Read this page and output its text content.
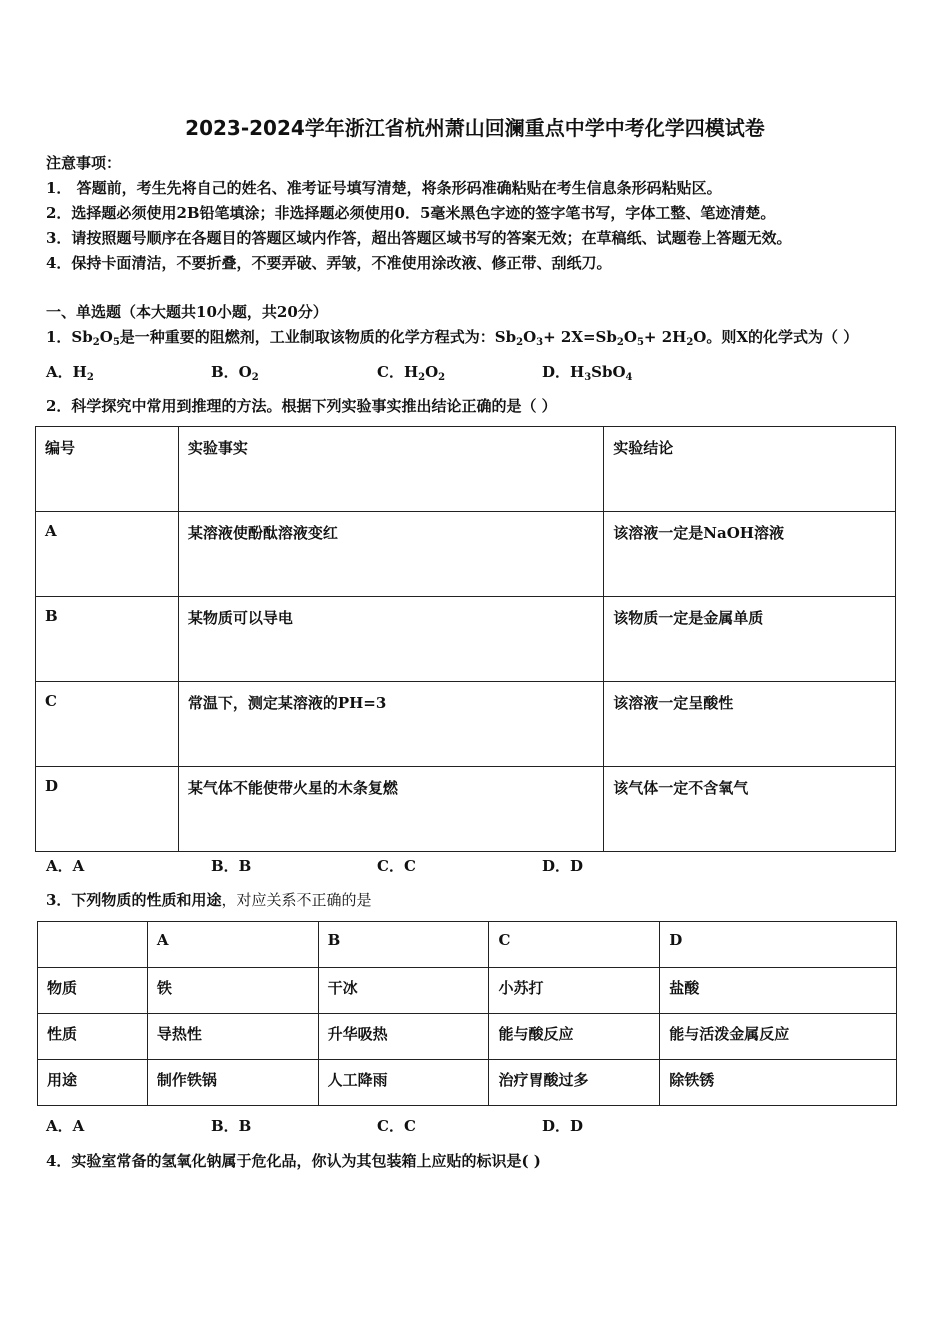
2023-2024学年浙江省杭州萧山回澜重点中学中考化学四模试卷
注意事项：
1． 答题前，考生先将自己的姓名、准考证号填写清楚，将条形码准确粘贴在考生信息条形码粘贴区。
2．选择题必须使用2B铅笔填涂；非选择题必须使用0．5毫米黑色字迹的签字笔书写，字体工整、笔迹清楚。
3．请按照题号顺序在各题目的答题区域内作答，超出答题区域书写的答案无效；在草稿纸、试题卷上答题无效。
4．保持卡面清洁，不要折叠，不要弄破、弄皱，不准使用涂改液、修正带、刮纸刀。
一、单选题（本大题共10小题，共20分）
1．$Sb_2O_5$是一种重要的阻燃剂，工业制取该物质的化学方程式为：$Sb_2O_3+ 2X=Sb_2O_5+ 2H_2O$。则X的化学式为（ ）
A．$H_2$	B．$O_2$	C．$H_2O_2$	D．$H_3SbO_4$
2．科学探究中常用到推理的方法。根据下列实验事实推出结论正确的是（ ）
编号	实验事实	实验结论
A	某溶液使酚酞溶液变红	该溶液一定是NaOH溶液
B	某物质可以导电	该物质一定是金属单质
C	常温下，测定某溶液的PH=3	该溶液一定呈酸性
D	某气体不能使带火星的木条复燃	该气体一定不含氧气
A．A	B．B	C．C	D．D
3．下列物质的性质和用途，对应关系不正确的是
	A	B	C	D
物质	铁	干冰	小苏打	盐酸
性质	导热性	升华吸热	能与酸反应	能与活泼金属反应
用途	制作铁锅	人工降雨	治疗胃酸过多	除铁锈
A．A	B．B	C．C	D．D
4．实验室常备的氢氧化钠属于危化品，你认为其包装箱上应贴的标识是( )
